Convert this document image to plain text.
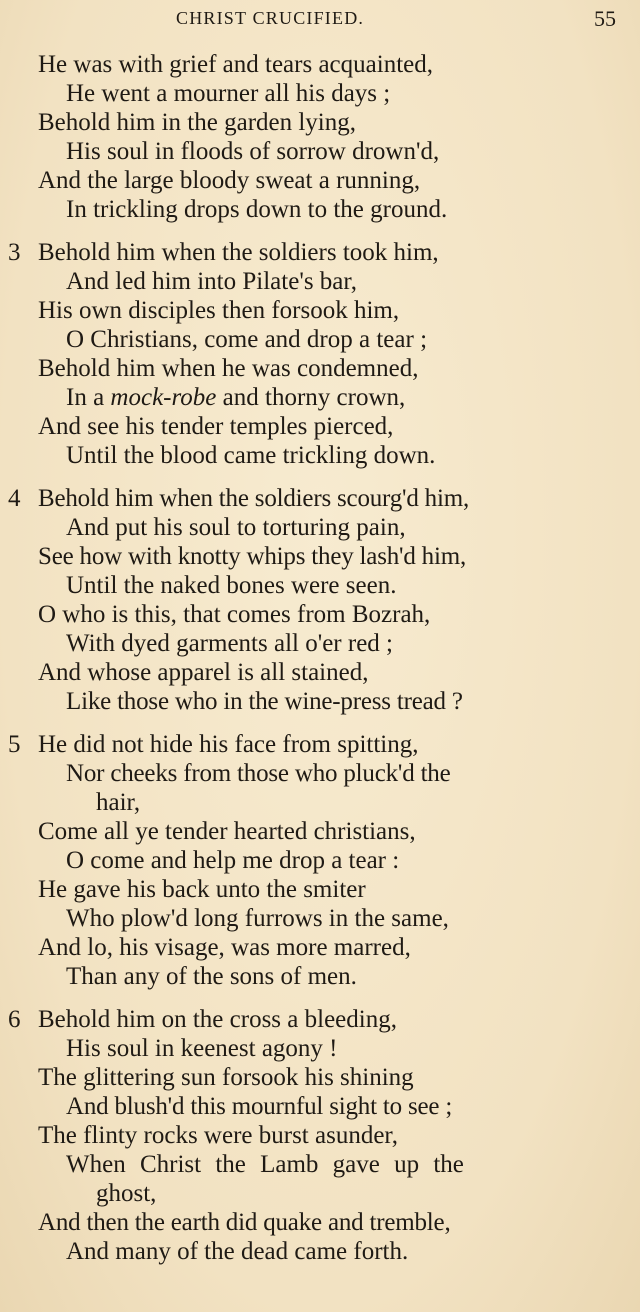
CHRIST CRUCIFIED.	55
He was with grief and tears acquainted,
He went a mourner all his days ;
Behold him in the garden lying,
His soul in floods of sorrow drown'd,
And the large bloody sweat a running,
In trickling drops down to the ground.
3 Behold him when the soldiers took him,
And led him into Pilate's bar,
His own disciples then forsook him,
O Christians, come and drop a tear ;
Behold him when he was condemned,
In a mock-robe and thorny crown,
And see his tender temples pierced,
Until the blood came trickling down.
4 Behold him when the soldiers scourg'd him,
And put his soul to torturing pain,
See how with knotty whips they lash'd him,
Until the naked bones were seen.
O who is this, that comes from Bozrah,
With dyed garments all o'er red ;
And whose apparel is all stained,
Like those who in the wine-press tread ?
5 He did not hide his face from spitting,
Nor cheeks from those who pluck'd the
hair,
Come all ye tender hearted christians,
O come and help me drop a tear :
He gave his back unto the smiter
Who plow'd long furrows in the same,
And lo, his visage, was more marred,
Than any of the sons of men.
6 Behold him on the cross a bleeding,
His soul in keenest agony !
The glittering sun forsook his shining
And blush'd this mournful sight to see ;
The flinty rocks were burst asunder,
When Christ the Lamb gave up the
ghost,
And then the earth did quake and tremble,
And many of the dead came forth.
